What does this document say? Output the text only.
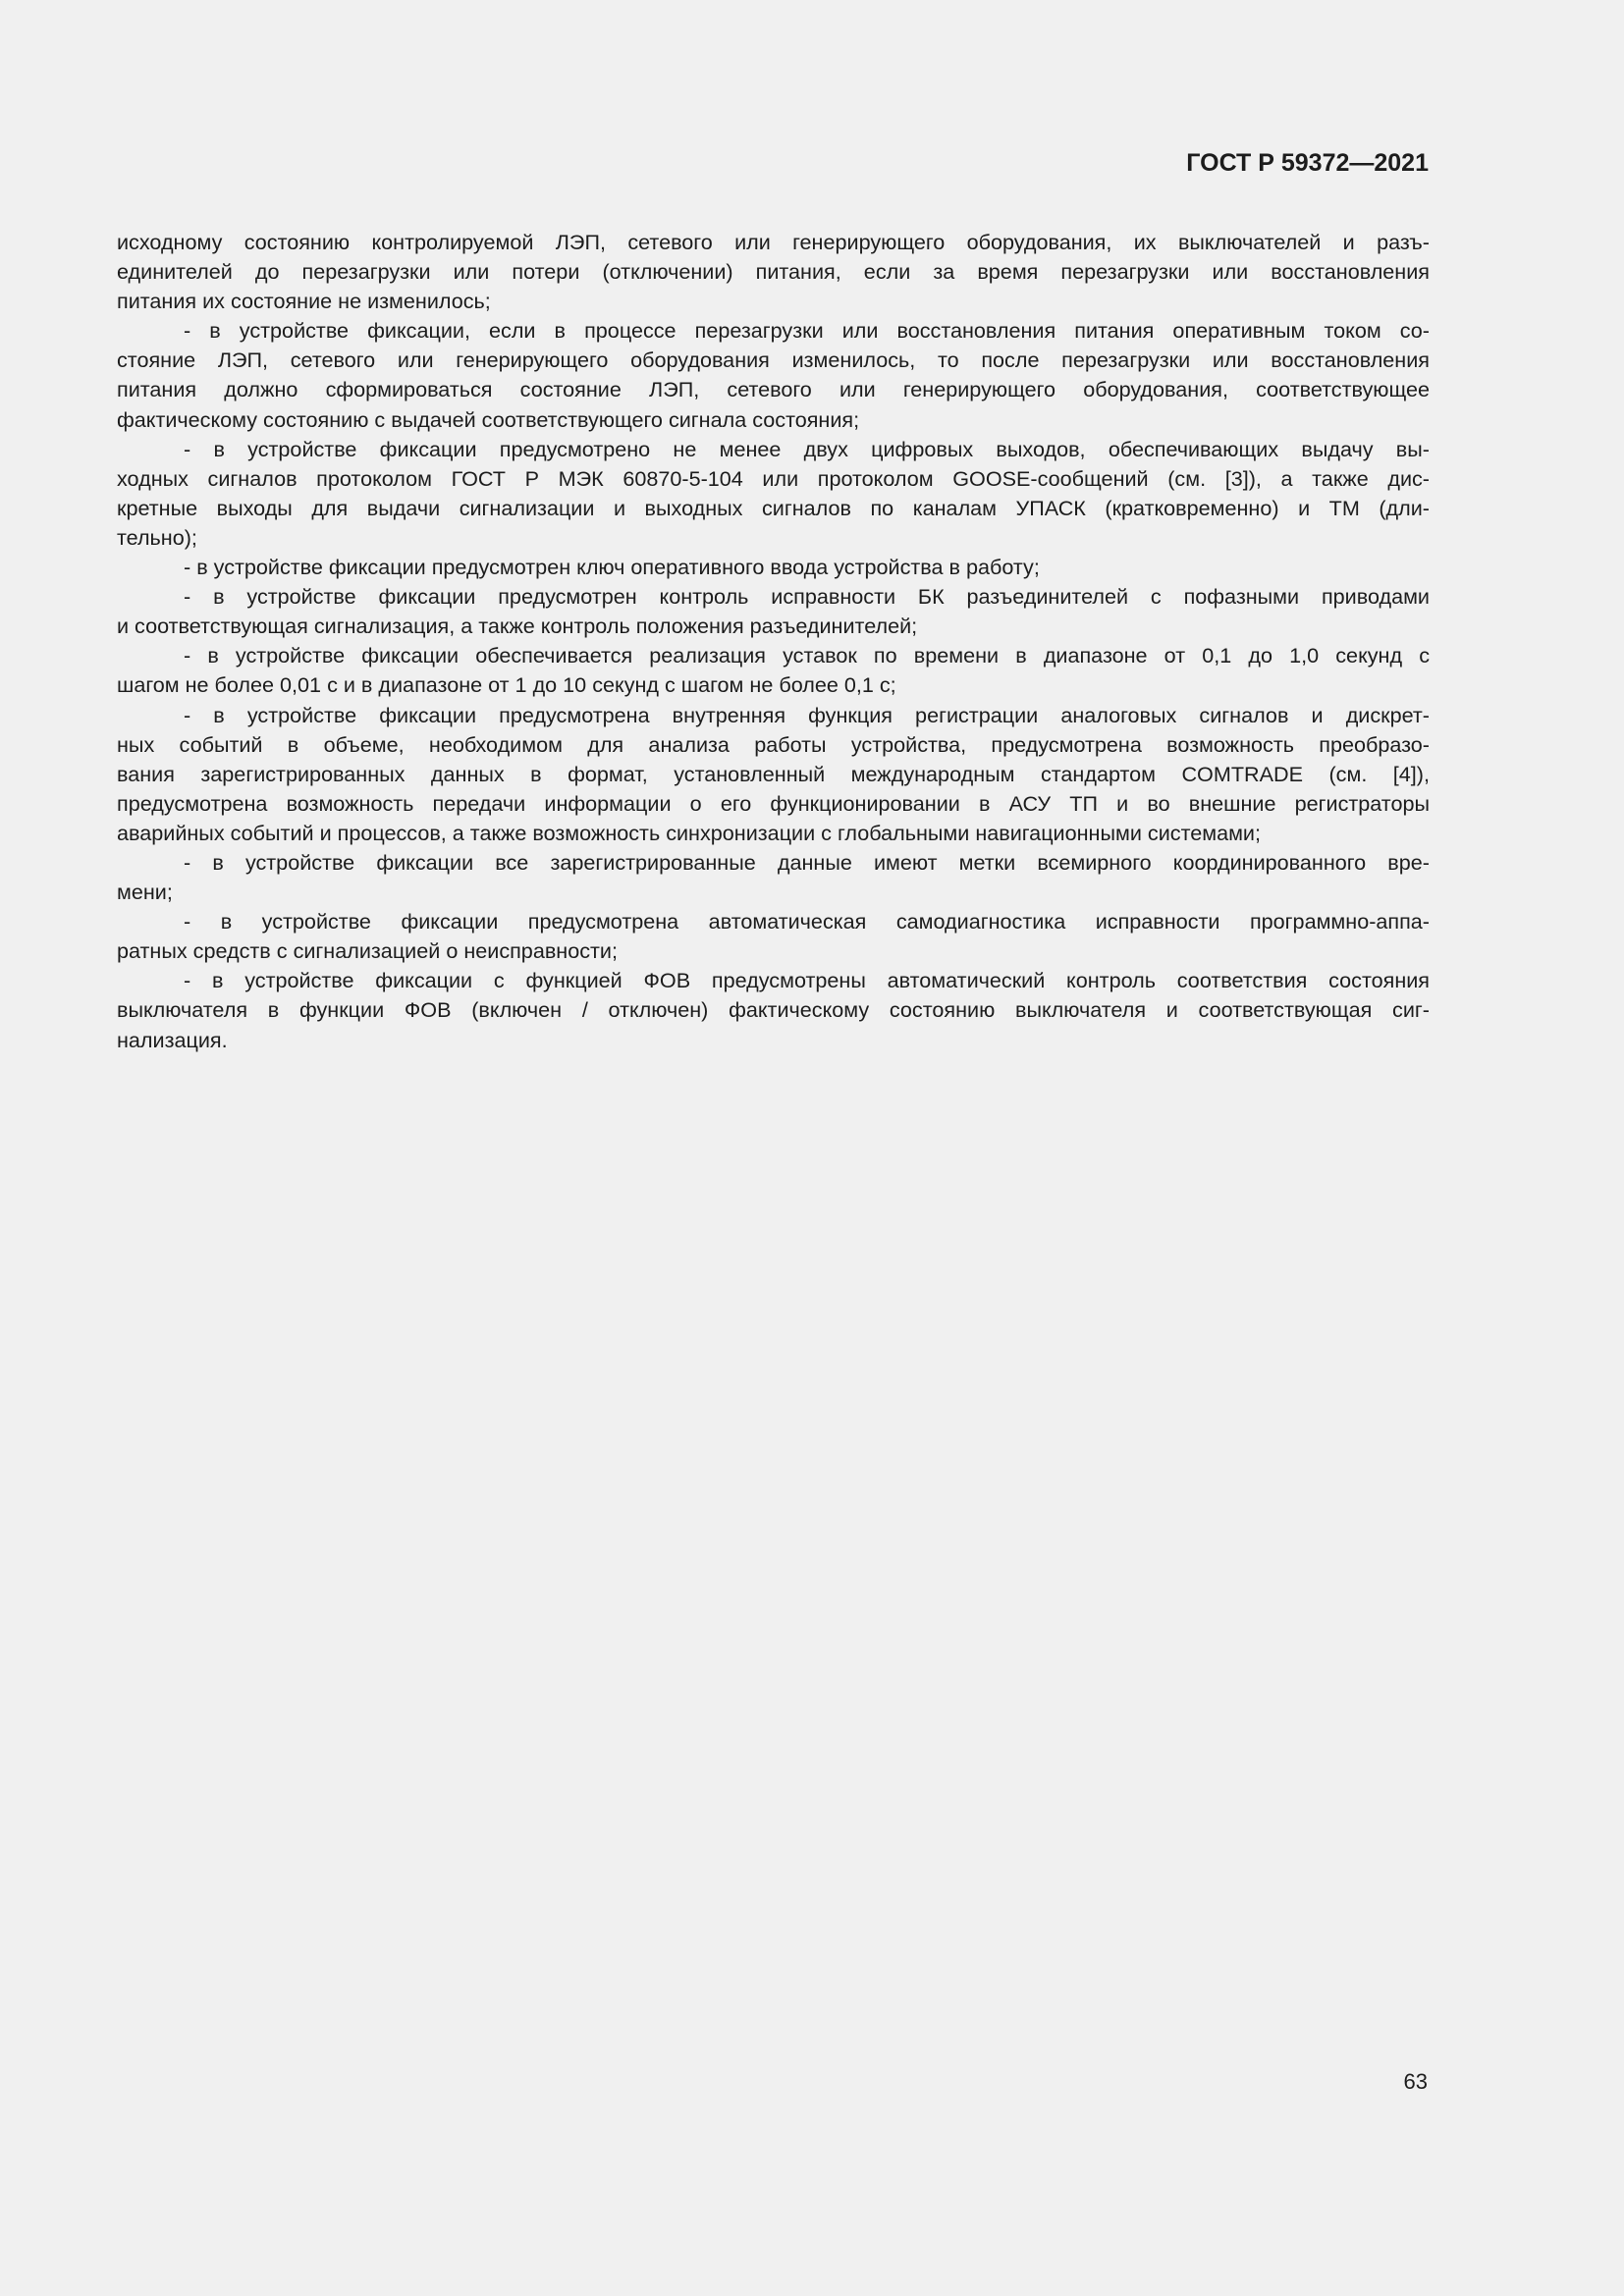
ГОСТ Р 59372—2021
исходному состоянию контролируемой ЛЭП, сетевого или генерирующего оборудования, их выключателей и разъ-
единителей до перезагрузки или потери (отключении) питания, если за время перезагрузки или восстановления
питания их состояние не изменилось;
- в устройстве фиксации, если в процессе перезагрузки или восстановления питания оперативным током со-
стояние ЛЭП, сетевого или генерирующего оборудования изменилось, то после перезагрузки или восстановления
питания должно сформироваться состояние ЛЭП, сетевого или генерирующего оборудования, соответствующее
фактическому состоянию с выдачей соответствующего сигнала состояния;
- в устройстве фиксации предусмотрено не менее двух цифровых выходов, обеспечивающих выдачу вы-
ходных сигналов протоколом ГОСТ Р МЭК 60870-5-104 или протоколом GOOSE-сообщений (см. [3]), а также дис-
кретные выходы для выдачи сигнализации и выходных сигналов по каналам УПАСК (кратковременно) и ТМ (дли-
тельно);
- в устройстве фиксации предусмотрен ключ оперативного ввода устройства в работу;
- в устройстве фиксации предусмотрен контроль исправности БК разъединителей с пофазными приводами
и соответствующая сигнализация, а также контроль положения разъединителей;
- в устройстве фиксации обеспечивается реализация уставок по времени в диапазоне от 0,1 до 1,0 секунд с
шагом не более 0,01 с и в диапазоне от 1 до 10 секунд с шагом не более 0,1 с;
- в устройстве фиксации предусмотрена внутренняя функция регистрации аналоговых сигналов и дискрет-
ных событий в объеме, необходимом для анализа работы устройства, предусмотрена возможность преобразо-
вания зарегистрированных данных в формат, установленный международным стандартом COMTRADE (см. [4]),
предусмотрена возможность передачи информации о его функционировании в АСУ ТП и во внешние регистраторы
аварийных событий и процессов, а также возможность синхронизации с глобальными навигационными системами;
- в устройстве фиксации все зарегистрированные данные имеют метки всемирного координированного вре-
мени;
- в устройстве фиксации предусмотрена автоматическая самодиагностика исправности программно-аппа-
ратных средств с сигнализацией о неисправности;
- в устройстве фиксации с функцией ФОВ предусмотрены автоматический контроль соответствия состояния
выключателя в функции ФОВ (включен / отключен) фактическому состоянию выключателя и соответствующая сиг-
нализация.
63
